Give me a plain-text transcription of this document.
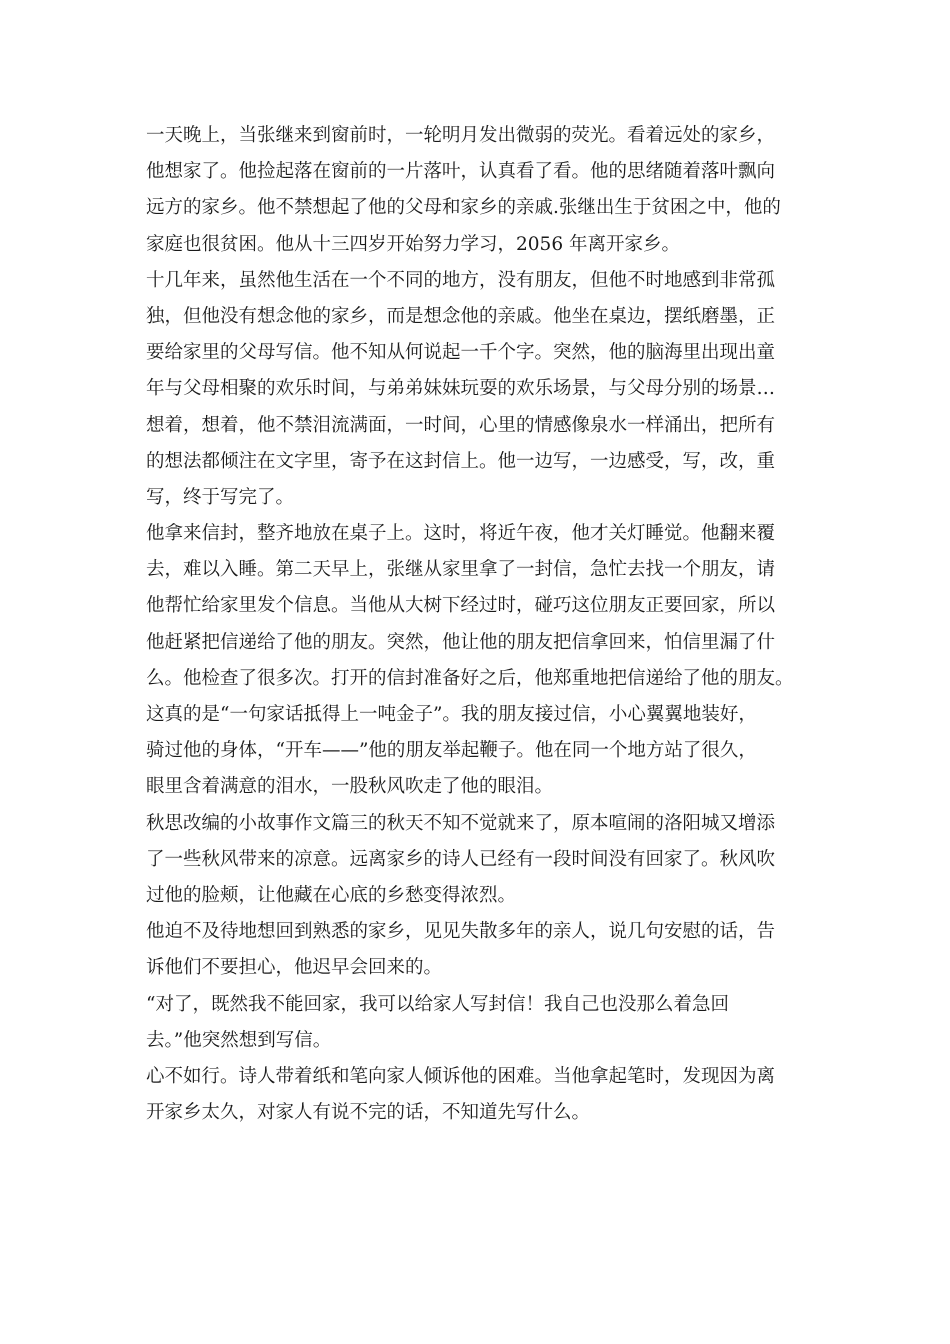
一天晚上，当张继来到窗前时，一轮明月发出微弱的荧光。看着远处的家乡，
他想家了。他捡起落在窗前的一片落叶，认真看了看。他的思绪随着落叶飘向
远方的家乡。他不禁想起了他的父母和家乡的亲戚.张继出生于贫困之中，他的
家庭也很贫困。他从十三四岁开始努力学习，2056 年离开家乡。
十几年来，虽然他生活在一个不同的地方，没有朋友，但他不时地感到非常孤
独，但他没有想念他的家乡，而是想念他的亲戚。他坐在桌边，摆纸磨墨，正
要给家里的父母写信。他不知从何说起一千个字。突然，他的脑海里出现出童
年与父母相聚的欢乐时间，与弟弟妹妹玩耍的欢乐场景，与父母分别的场景…
想着，想着，他不禁泪流满面，一时间，心里的情感像泉水一样涌出，把所有
的想法都倾注在文字里，寄予在这封信上。他一边写，一边感受，写，改，重
写，终于写完了。
他拿来信封，整齐地放在桌子上。这时，将近午夜，他才关灯睡觉。他翻来覆
去，难以入睡。第二天早上，张继从家里拿了一封信，急忙去找一个朋友，请
他帮忙给家里发个信息。当他从大树下经过时，碰巧这位朋友正要回家，所以
他赶紧把信递给了他的朋友。突然，他让他的朋友把信拿回来，怕信里漏了什
么。他检查了很多次。打开的信封准备好之后，他郑重地把信递给了他的朋友。
这真的是“一句家话抵得上一吨金子”。我的朋友接过信，小心翼翼地装好，
骑过他的身体，“开车——”他的朋友举起鞭子。他在同一个地方站了很久，
眼里含着满意的泪水，一股秋风吹走了他的眼泪。
秋思改编的小故事作文篇三的秋天不知不觉就来了，原本喧闹的洛阳城又增添
了一些秋风带来的凉意。远离家乡的诗人已经有一段时间没有回家了。秋风吹
过他的脸颊，让他藏在心底的乡愁变得浓烈。
他迫不及待地想回到熟悉的家乡，见见失散多年的亲人，说几句安慰的话，告
诉他们不要担心，他迟早会回来的。
“对了，既然我不能回家，我可以给家人写封信！我自己也没那么着急回
去。”他突然想到写信。
心不如行。诗人带着纸和笔向家人倾诉他的困难。当他拿起笔时，发现因为离
开家乡太久，对家人有说不完的话，不知道先写什么。
